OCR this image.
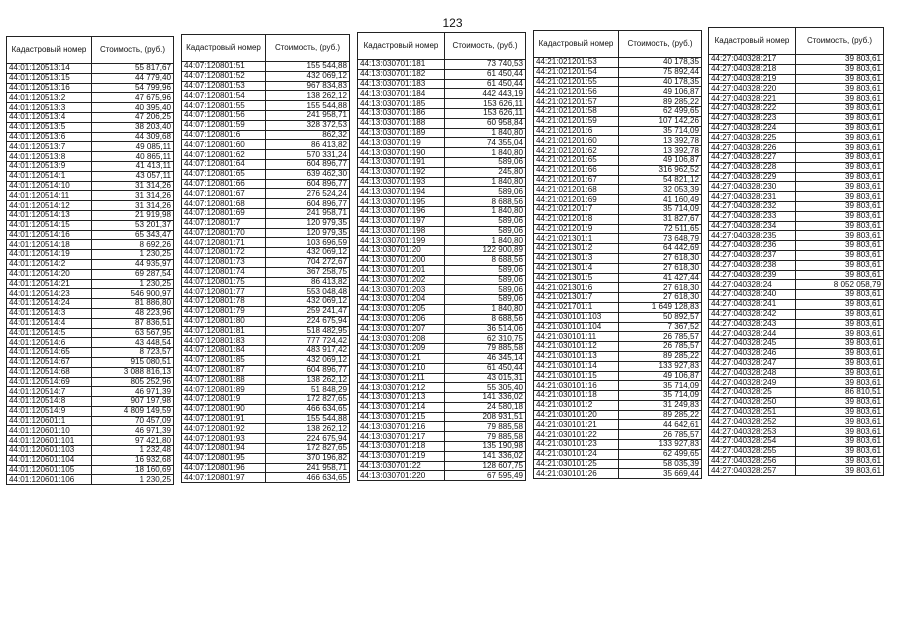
123
Кадастровый номер	Стоимость, (руб.)
44:01:120513:14	55 817,67
44:01:120513:15	44 779,40
44:01:120513:16	54 799,96
44:01:120513:2	47 675,96
44:01:120513:3	40 395,40
44:01:120513:4	47 206,25
44:01:120513:5	38 203,40
44:01:120513:6	44 309,68
44:01:120513:7	49 085,11
44:01:120513:8	40 865,11
44:01:120513:9	41 413,11
44:01:120514:1	43 057,11
44:01:120514:10	31 314,26
44:01:120514:11	31 314,26
44:01:120514:12	31 314,26
44:01:120514:13	21 919,98
44:01:120514:15	53 201,37
44:01:120514:16	65 343,47
44:01:120514:18	8 692,26
44:01:120514:19	1 230,25
44:01:120514:2	44 935,97
44:01:120514:20	69 287,54
44:01:120514:21	1 230,25
44:01:120514:23	546 900,97
44:01:120514:24	81 886,80
44:01:120514:3	48 223,96
44:01:120514:4	87 836,51
44:01:120514:5	63 567,95
44:01:120514:6	43 448,54
44:01:120514:65	8 723,57
44:01:120514:67	915 080,51
44:01:120514:68	3 088 816,13
44:01:120514:69	805 252,96
44:01:120514:7	46 971,39
44:01:120514:8	907 197,98
44:01:120514:9	4 809 149,59
44:01:120601:1	70 457,09
44:01:120601:10	46 971,39
44:01:120601:101	97 421,80
44:01:120601:103	1 232,48
44:01:120601:104	16 932,68
44:01:120601:105	18 160,69
44:01:120601:106	1 230,25
Кадастровый номер	Стоимость, (руб.)
44:07:120801:51	155 544,88
44:07:120801:52	432 069,12
44:07:120801:53	967 834,83
44:07:120801:54	138 262,12
44:07:120801:55	155 544,88
44:07:120801:56	241 958,71
44:07:120801:59	328 372,53
44:07:120801:6	862,32
44:07:120801:60	86 413,82
44:07:120801:62	570 331,24
44:07:120801:64	604 896,77
44:07:120801:65	639 462,30
44:07:120801:66	604 896,77
44:07:120801:67	276 524,24
44:07:120801:68	604 896,77
44:07:120801:69	241 958,71
44:07:120801:7	120 979,35
44:07:120801:70	120 979,35
44:07:120801:71	103 696,59
44:07:120801:72	432 069,12
44:07:120801:73	704 272,67
44:07:120801:74	367 258,75
44:07:120801:75	86 413,82
44:07:120801:77	553 048,48
44:07:120801:78	432 069,12
44:07:120801:79	259 241,47
44:07:120801:80	224 675,94
44:07:120801:81	518 482,95
44:07:120801:83	777 724,42
44:07:120801:84	483 917,42
44:07:120801:85	432 069,12
44:07:120801:87	604 896,77
44:07:120801:88	138 262,12
44:07:120801:89	51 848,29
44:07:120801:9	172 827,65
44:07:120801:90	466 634,65
44:07:120801:91	155 544,88
44:07:120801:92	138 262,12
44:07:120801:93	224 675,94
44:07:120801:94	172 827,65
44:07:120801:95	370 196,82
44:07:120801:96	241 958,71
44:07:120801:97	466 634,65
Кадастровый номер	Стоимость, (руб.)
44:13:030701:181	73 740,53
44:13:030701:182	61 450,44
44:13:030701:183	61 450,44
44:13:030701:184	442 443,19
44:13:030701:185	153 626,11
44:13:030701:186	153 626,11
44:13:030701:188	60 958,84
44:13:030701:189	1 840,80
44:13:030701:19	74 355,04
44:13:030701:190	1 840,80
44:13:030701:191	589,06
44:13:030701:192	245,80
44:13:030701:193	1 840,80
44:13:030701:194	589,06
44:13:030701:195	8 688,56
44:13:030701:196	1 840,80
44:13:030701:197	589,06
44:13:030701:198	589,06
44:13:030701:199	1 840,80
44:13:030701:20	122 900,89
44:13:030701:200	8 688,56
44:13:030701:201	589,06
44:13:030701:202	589,06
44:13:030701:203	589,06
44:13:030701:204	589,06
44:13:030701:205	1 840,80
44:13:030701:206	8 688,56
44:13:030701:207	36 514,06
44:13:030701:208	62 310,75
44:13:030701:209	79 885,58
44:13:030701:21	46 345,14
44:13:030701:210	61 450,44
44:13:030701:211	43 015,31
44:13:030701:212	55 305,40
44:13:030701:213	141 336,02
44:13:030701:214	24 580,18
44:13:030701:215	208 931,51
44:13:030701:216	79 885,58
44:13:030701:217	79 885,58
44:13:030701:218	135 190,98
44:13:030701:219	141 336,02
44:13:030701:22	128 607,75
44:13:030701:220	67 595,49
Кадастровый номер	Стоимость, (руб.)
44:21:021201:53	40 178,35
44:21:021201:54	75 892,44
44:21:021201:55	40 178,35
44:21:021201:56	49 106,87
44:21:021201:57	89 285,22
44:21:021201:58	62 499,65
44:21:021201:59	107 142,26
44:21:021201:6	35 714,09
44:21:021201:60	13 392,78
44:21:021201:62	13 392,78
44:21:021201:65	49 106,87
44:21:021201:66	316 962,52
44:21:021201:67	54 821,12
44:21:021201:68	32 053,39
44:21:021201:69	41 160,49
44:21:021201:7	35 714,09
44:21:021201:8	31 827,67
44:21:021201:9	72 511,65
44:21:021301:1	73 648,79
44:21:021301:2	64 442,69
44:21:021301:3	27 618,30
44:21:021301:4	27 618,30
44:21:021301:5	41 427,44
44:21:021301:6	27 618,30
44:21:021301:7	27 618,30
44:21:021701:1	1 649 128,83
44:21:030101:103	50 892,57
44:21:030101:104	7 367,52
44:21:030101:11	26 785,57
44:21:030101:12	26 785,57
44:21:030101:13	89 285,22
44:21:030101:14	133 927,83
44:21:030101:15	49 106,87
44:21:030101:16	35 714,09
44:21:030101:18	35 714,09
44:21:030101:2	31 249,83
44:21:030101:20	89 285,22
44:21:030101:21	44 642,61
44:21:030101:22	26 785,57
44:21:030101:23	133 927,83
44:21:030101:24	62 499,65
44:21:030101:25	58 035,39
44:21:030101:26	35 669,44
Кадастровый номер	Стоимость, (руб.)
44:27:040328:217	39 803,61
44:27:040328:218	39 803,61
44:27:040328:219	39 803,61
44:27:040328:220	39 803,61
44:27:040328:221	39 803,61
44:27:040328:222	39 803,61
44:27:040328:223	39 803,61
44:27:040328:224	39 803,61
44:27:040328:225	39 803,61
44:27:040328:226	39 803,61
44:27:040328:227	39 803,61
44:27:040328:228	39 803,61
44:27:040328:229	39 803,61
44:27:040328:230	39 803,61
44:27:040328:231	39 803,61
44:27:040328:232	39 803,61
44:27:040328:233	39 803,61
44:27:040328:234	39 803,61
44:27:040328:235	39 803,61
44:27:040328:236	39 803,61
44:27:040328:237	39 803,61
44:27:040328:238	39 803,61
44:27:040328:239	39 803,61
44:27:040328:24	8 052 058,79
44:27:040328:240	39 803,61
44:27:040328:241	39 803,61
44:27:040328:242	39 803,61
44:27:040328:243	39 803,61
44:27:040328:244	39 803,61
44:27:040328:245	39 803,61
44:27:040328:246	39 803,61
44:27:040328:247	39 803,61
44:27:040328:248	39 803,61
44:27:040328:249	39 803,61
44:27:040328:25	86 810,51
44:27:040328:250	39 803,61
44:27:040328:251	39 803,61
44:27:040328:252	39 803,61
44:27:040328:253	39 803,61
44:27:040328:254	39 803,61
44:27:040328:255	39 803,61
44:27:040328:256	39 803,61
44:27:040328:257	39 803,61
